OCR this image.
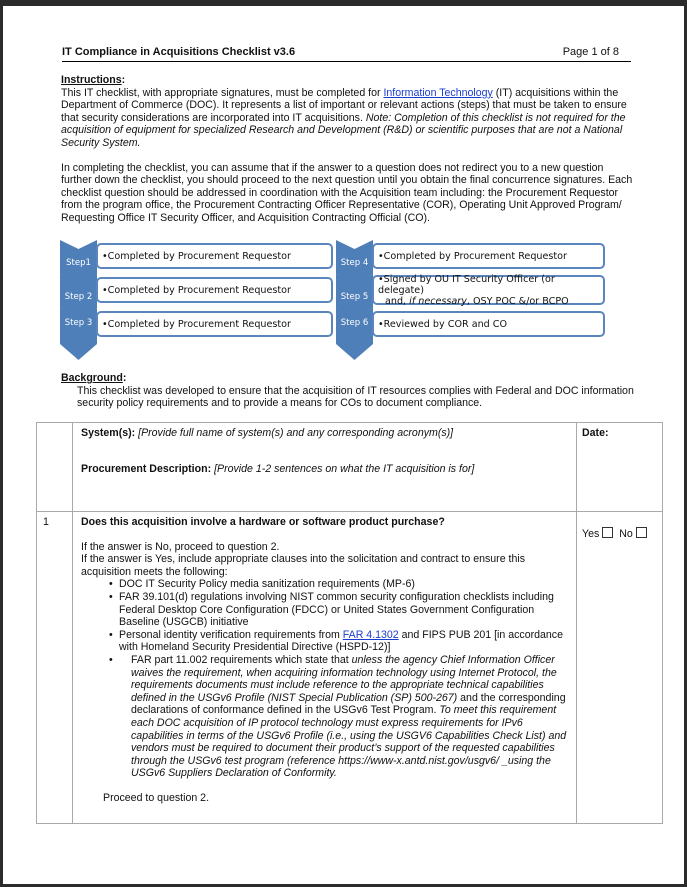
IT Compliance in Acquisitions Checklist v3.6	Page 1 of 8
Instructions:
This IT checklist, with appropriate signatures, must be completed for Information Technology (IT) acquisitions within the Department of Commerce (DOC). It represents a list of important or relevant actions (steps) that must be taken to ensure that security considerations are incorporated into IT acquisitions. Note: Completion of this checklist is not required for the acquisition of equipment for specialized Research and Development (R&D) or scientific purposes that are not a National Security System.
In completing the checklist, you can assume that if the answer to a question does not redirect you to a new question further down the checklist, you should proceed to the next question until you obtain the final concurrence signatures. Each checklist question should be addressed in coordination with the Acquisition team including: the Procurement Requestor from the program office, the Procurement Contracting Officer Representative (COR), Operating Unit Approved Program/ Requesting Office IT Security Officer, and Acquisition Contracting Official (CO).
Step1
Step 2
Step 3
•Completed by Procurement Requestor
•Completed by Procurement Requestor
•Completed by Procurement Requestor
Step 4
Step 5
Step 6
•Completed by Procurement Requestor
•Signed by OU IT Security Officer (or delegate)
and, if necessary, OSY POC &/or BCPO
•Reviewed by COR and CO
Background:
This checklist was developed to ensure that the acquisition of IT resources complies with Federal and DOC information security policy requirements and to provide a means for COs to document compliance.
System(s): [Provide full name of system(s) and any corresponding acronym(s)]
Procurement Description: [Provide 1-2 sentences on what the IT acquisition is for]
Date:
1	Does this acquisition involve a hardware or software product purchase?
If the answer is No, proceed to question 2.
If the answer is Yes, include appropriate clauses into the solicitation and contract to ensure this acquisition meets the following:
• DOC IT Security Policy media sanitization requirements (MP-6)
• FAR 39.101(d) regulations involving NIST common security configuration checklists including Federal Desktop Core Configuration (FDCC) or United States Government Configuration Baseline (USGCB) initiative
• Personal identity verification requirements from FAR 4.1302 and FIPS PUB 201 [in accordance with Homeland Security Presidential Directive (HSPD-12)]
• FAR part 11.002 requirements which state that unless the agency Chief Information Officer waives the requirement, when acquiring information technology using Internet Protocol, the requirements documents must include reference to the appropriate technical capabilities defined in the USGv6 Profile (NIST Special Publication (SP) 500-267) and the corresponding declarations of conformance defined in the USGv6 Test Program. To meet this requirement each DOC acquisition of IP protocol technology must express requirements for IPv6 capabilities in terms of the USGv6 Profile (i.e., using the USGV6 Capabilities Check List) and vendors must be required to document their product’s support of the requested capabilities through the USGv6 test program (reference https://www-x.antd.nist.gov/usgv6/ _using the USGv6 Suppliers Declaration of Conformity.
Proceed to question 2.
Yes No
